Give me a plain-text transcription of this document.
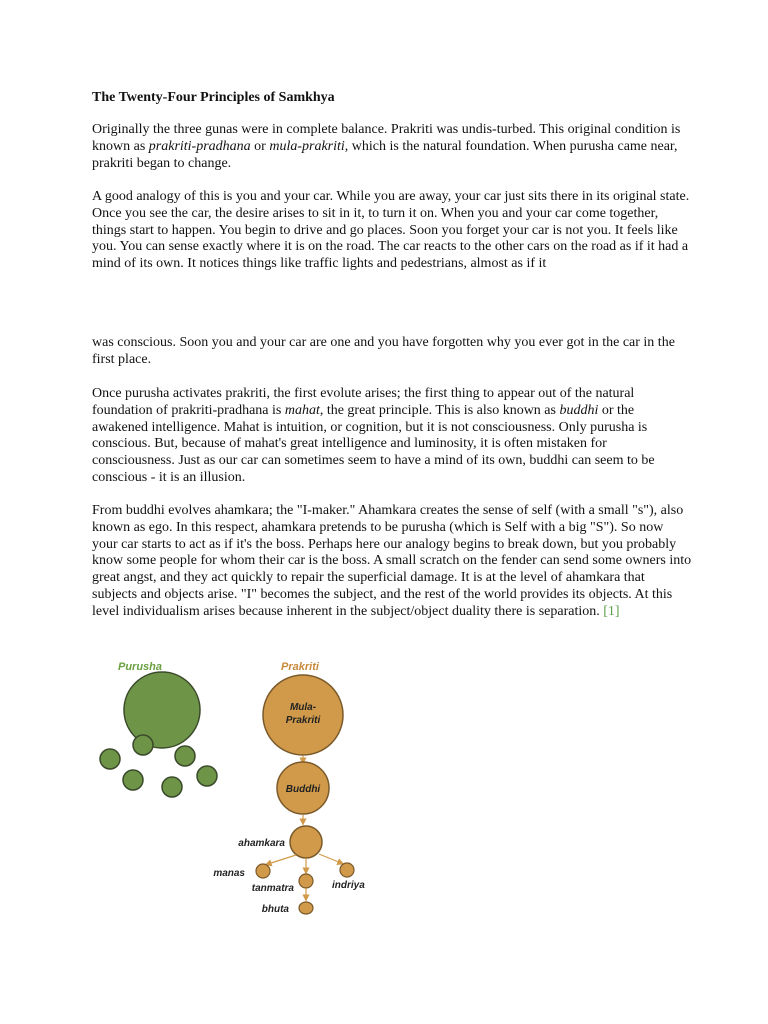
The Twenty-Four Principles of Samkhya

Originally the three gunas were in complete balance. Prakriti was undis-turbed. This original condition is known as prakriti-pradhana or mula-prakriti, which is the natural foundation. When purusha came near, prakriti began to change.

A good analogy of this is you and your car. While you are away, your car just sits there in its original state. Once you see the car, the desire arises to sit in it, to turn it on. When you and your car come together, things start to happen. You begin to drive and go places. Soon you forget your car is not you. It feels like you. You can sense exactly where it is on the road. The car reacts to the other cars on the road as if it had a mind of its own. It notices things like traffic lights and pedestrians, almost as if it

was conscious. Soon you and your car are one and you have forgotten why you ever got in the car in the first place.

Once purusha activates prakriti, the first evolute arises; the first thing to appear out of the natural foundation of prakriti-pradhana is mahat, the great principle. This is also known as buddhi or the awakened intelligence. Mahat is intuition, or cognition, but it is not consciousness. Only purusha is conscious. But, because of mahat's great intelligence and luminosity, it is often mistaken for consciousness. Just as our car can sometimes seem to have a mind of its own, buddhi can seem to be conscious - it is an illusion.

From buddhi evolves ahamkara; the "I-maker." Ahamkara creates the sense of self (with a small "s"), also known as ego. In this respect, ahamkara pretends to be purusha (which is Self with a big "S"). So now your car starts to act as if it's the boss. Perhaps here our analogy begins to break down, but you probably know some people for whom their car is the boss. A small scratch on the fender can send some owners into great angst, and they act quickly to repair the superficial damage. It is at the level of ahamkara that subjects and objects arise. "I" becomes the subject, and the rest of the world provides its objects. At this level individualism arises because inherent in the subject/object duality there is separation. [1]

Purusha	Prakriti
Mula-
Prakriti
Buddhi
ahamkara
manas
tanmatra	indriya
bhuta
